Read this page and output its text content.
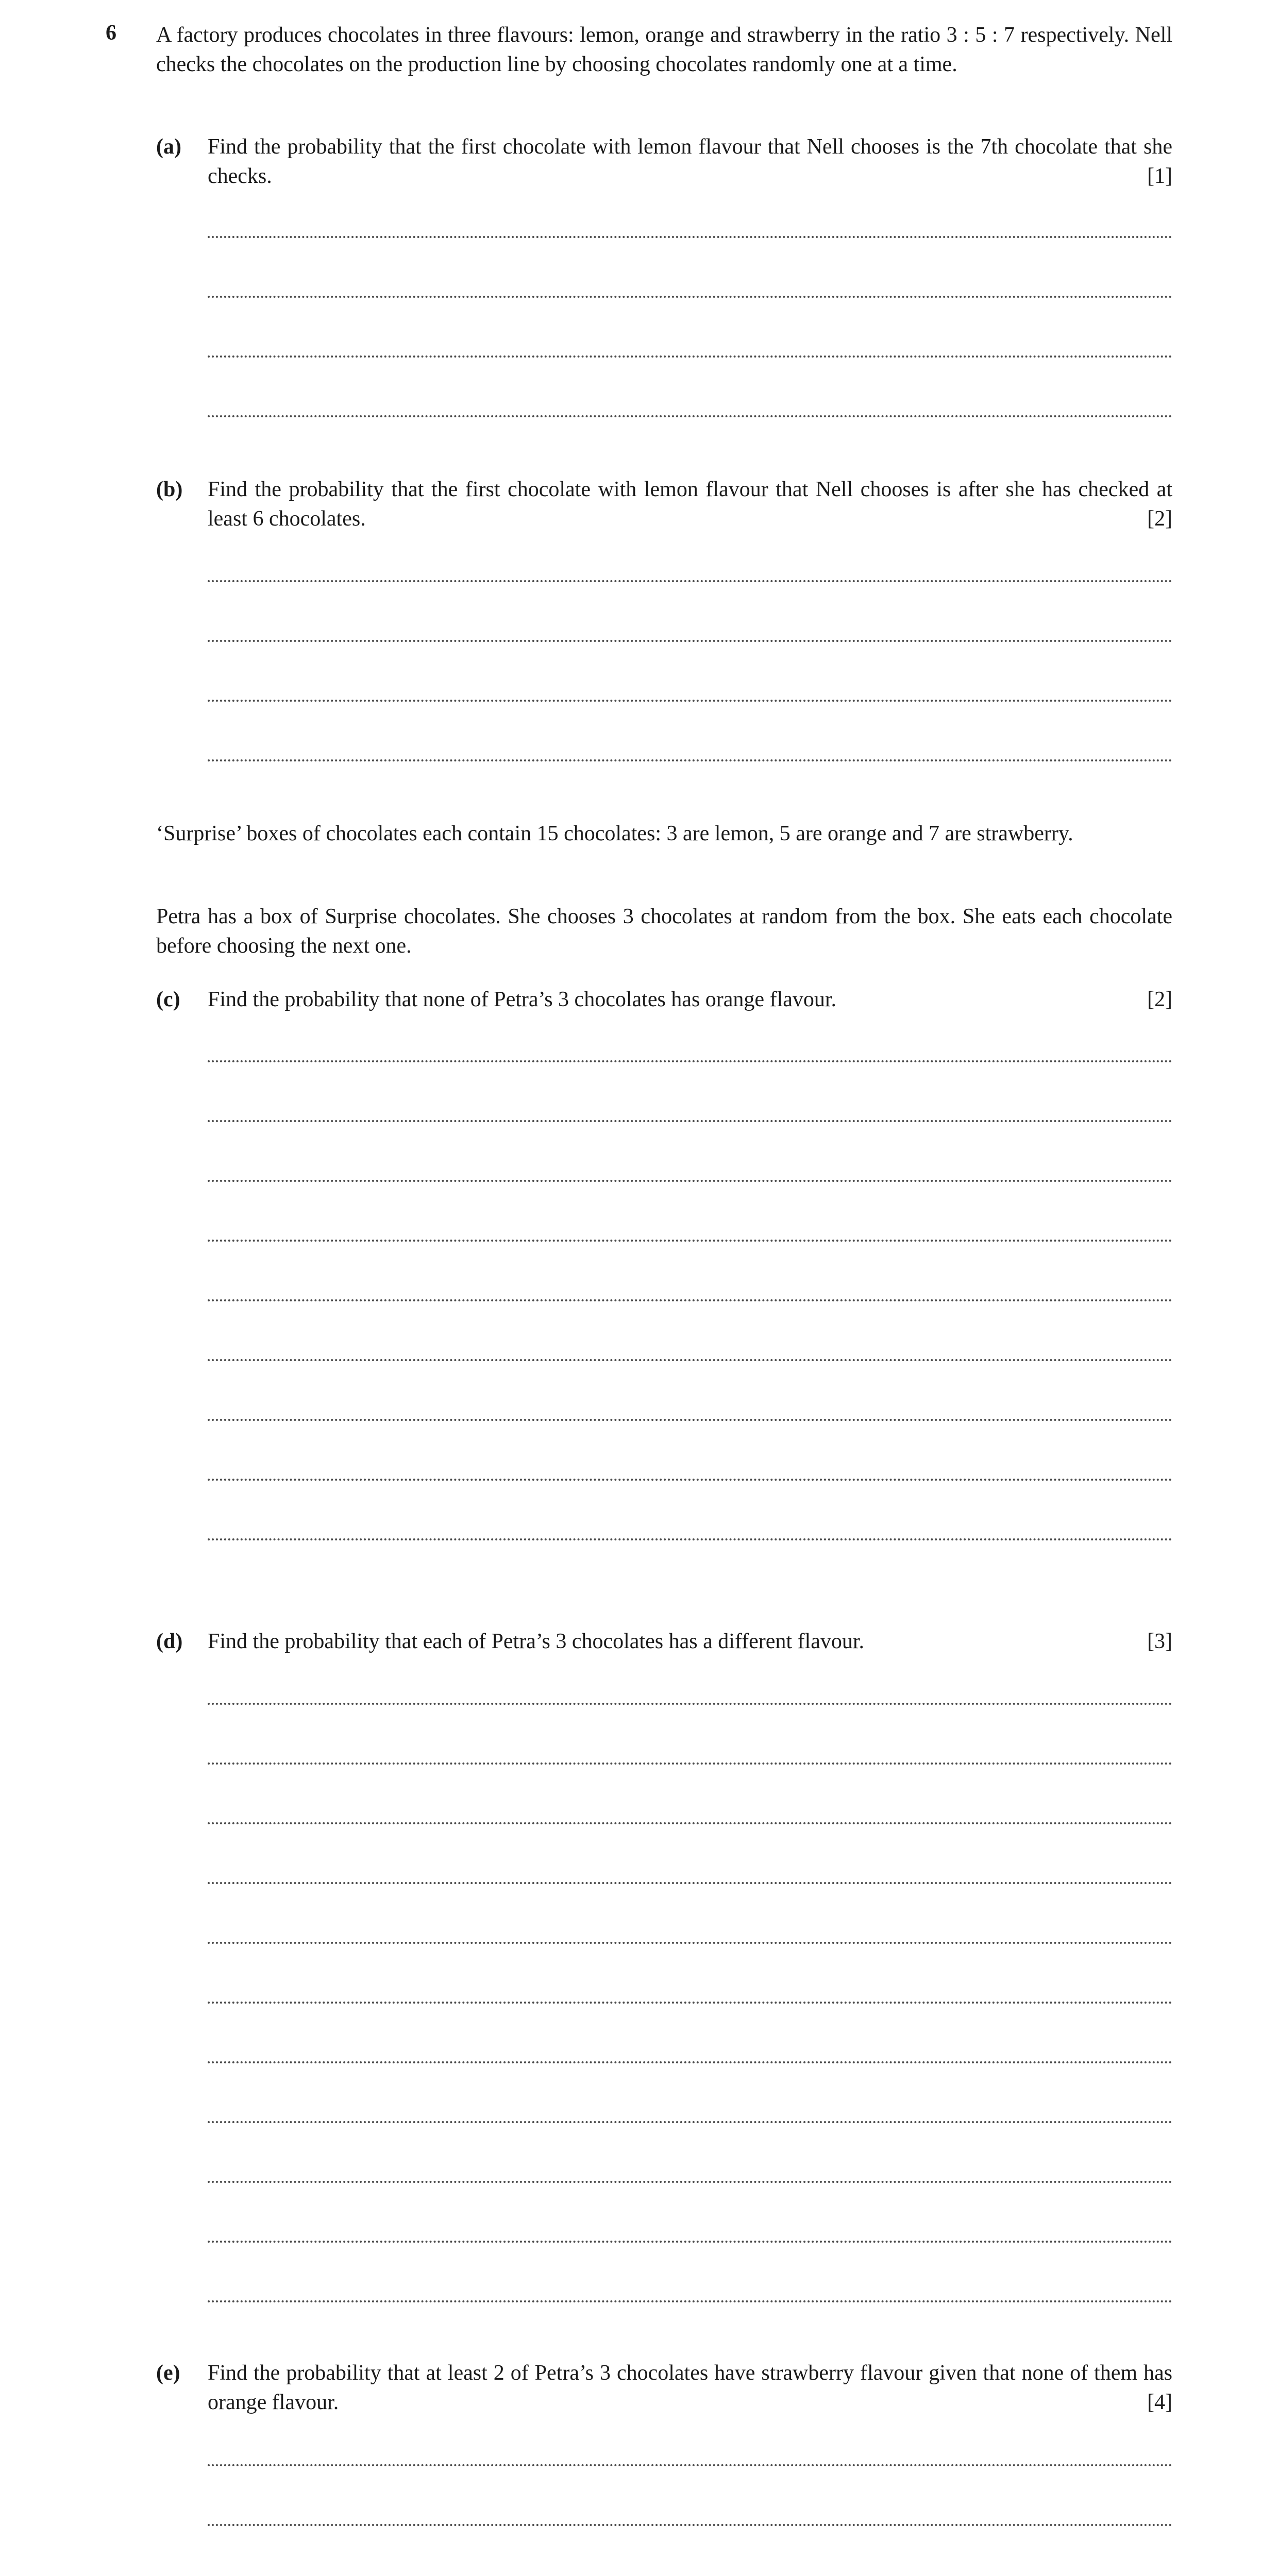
6 A factory produces chocolates in three flavours: lemon, orange and strawberry in the ratio 3 : 5 : 7 respectively. Nell checks the chocolates on the production line by choosing chocolates randomly one at a time.
(a) Find the probability that the first chocolate with lemon flavour that Nell chooses is the 7th chocolate that she checks.	[1]
(b) Find the probability that the first chocolate with lemon flavour that Nell chooses is after she has checked at least 6 chocolates.	[2]
‘Surprise’ boxes of chocolates each contain 15 chocolates: 3 are lemon, 5 are orange and 7 are strawberry.
Petra has a box of Surprise chocolates. She chooses 3 chocolates at random from the box. She eats each chocolate before choosing the next one.
(c) Find the probability that none of Petra’s 3 chocolates has orange flavour.	[2]
(d) Find the probability that each of Petra’s 3 chocolates has a different flavour.	[3]
(e) Find the probability that at least 2 of Petra’s 3 chocolates have strawberry flavour given that none of them has orange flavour.	[4]
